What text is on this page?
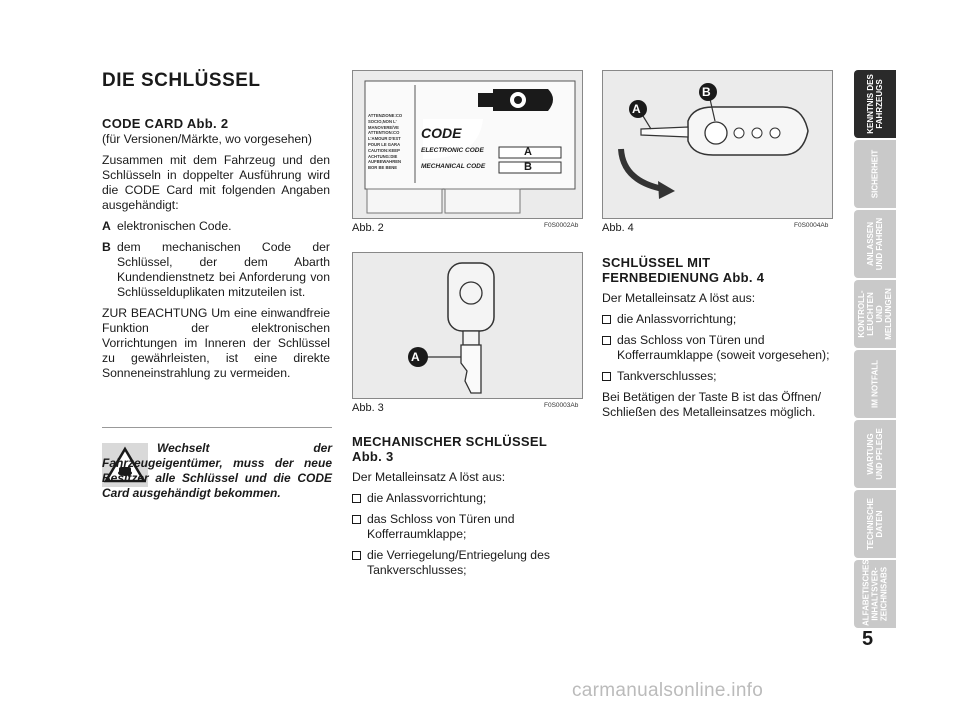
DIE SCHLÜSSEL

CODE CARD Abb. 2

(für Versionen/Märkte, wo vorgesehen)

Zusammen mit dem Fahrzeug und den Schlüsseln in doppelter Ausführung wird die CODE Card mit folgenden Angaben ausgehändigt:

A elektronischen Code.
B dem mechanischen Code der Schlüssel, der dem Abarth Kundendienstnetz bei Anforderung von Schlüsselduplikaten mitzuteilen ist.

ZUR BEACHTUNG Um eine einwandfreie Funktion der elektronischen Vorrichtungen im Inneren der Schlüssel zu gewährleisten, ist eine direkte Sonneneinstrahlung zu vermeiden.

Wechselt der Fahrzeugeigentümer, muss der neue Besitzer alle Schlüssel und die CODE Card ausgehändigt bekommen.
CODE
ELECTRONIC CODE
MECHANICAL CODE
A
B
ATTENZIONE:CO
SOCIO,NON L'
MANOVERE/VE
ATTENTION:CO
L'AMOUR D'EST
POUR LE GARA
CAUTION:KEEP
ACHTUNG:DIE
AUFBEWAHREN
BOR BE BENE
Abb. 2	F0S0002Ab
A
Abb. 3	F0S0003Ab
A
B
Abb. 4	F0S0004Ab

MECHANISCHER SCHLÜSSEL Abb. 3

Der Metalleinsatz A löst aus:

die Anlassvorrichtung;
das Schloss von Türen und Kofferraumklappe;
die Verriegelung/Entriegelung des Tankverschlusses;

SCHLÜSSEL MIT FERNBEDIENUNG Abb. 4

Der Metalleinsatz A löst aus:

die Anlassvorrichtung;
das Schloss von Türen und Kofferraumklappe (soweit vorgesehen);
Tankverschlusses;

Bei Betätigen der Taste B ist das Öffnen/ Schließen des Metalleinsatzes möglich.

KENNTNIS DES FAHRZEUGS
SICHERHEIT
ANLASSEN UND FAHREN
KONTROLL- LEUCHTEN UND MELDUNGEN
IM NOTFALL
WARTUNG UND PFLEGE
TECHNISCHE DATEN
ALFABETISCHES INHALTSVER- ZEICHNISABS
5
carmanualsonline.info
